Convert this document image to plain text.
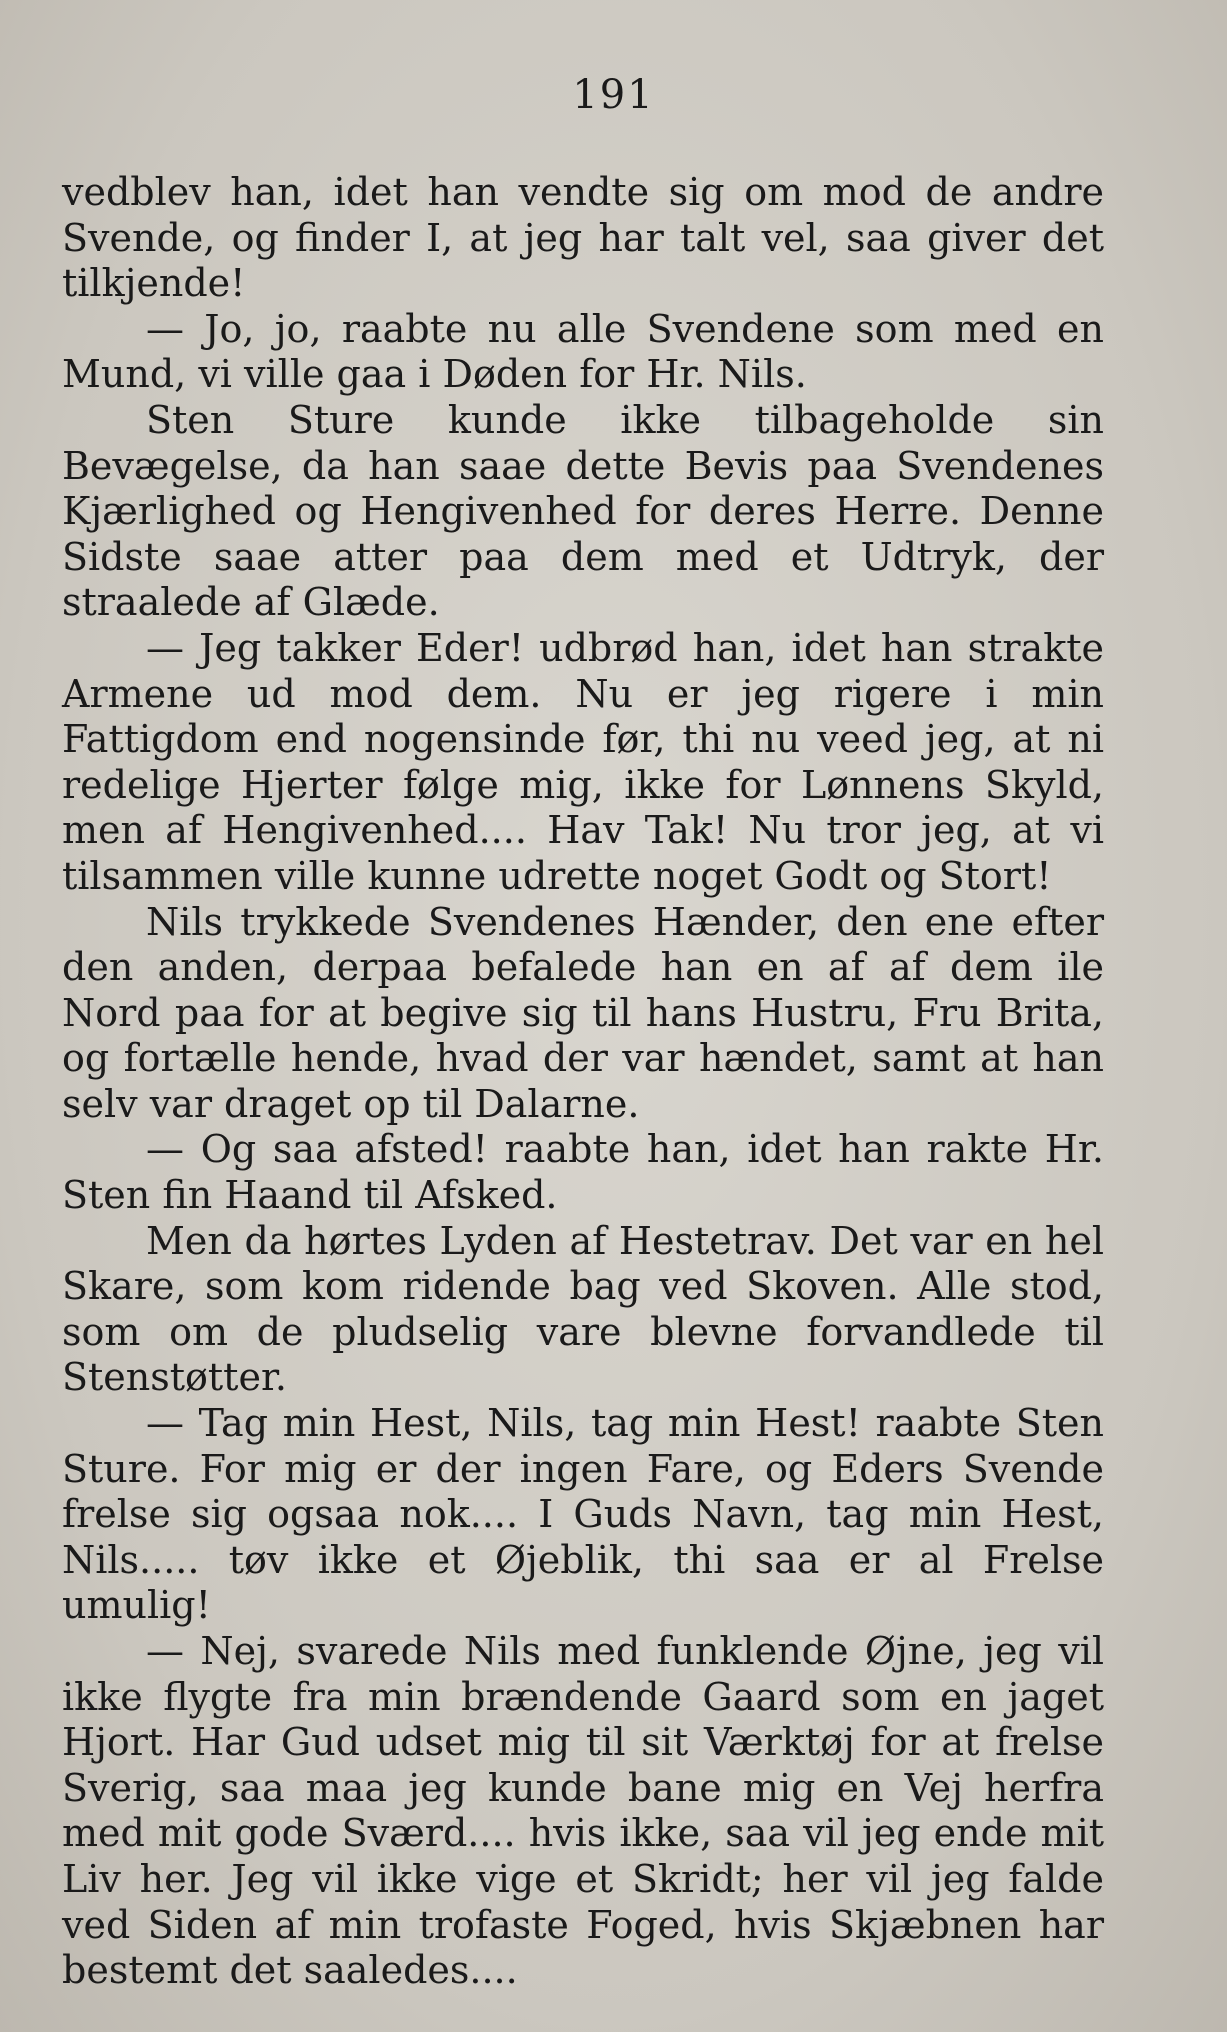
191

vedblev han, idet han vendte sig om mod de andre Svende, og finder I, at jeg har talt vel, saa giver det tilkjende!

— Jo, jo, raabte nu alle Svendene som med en Mund, vi ville gaa i Døden for Hr. Nils.

Sten Sture kunde ikke tilbageholde sin Bevægelse, da han saae dette Bevis paa Svendenes Kjærlighed og Hengivenhed for deres Herre. Denne Sidste saae atter paa dem med et Udtryk, der straalede af Glæde.

— Jeg takker Eder! udbrød han, idet han strakte Armene ud mod dem. Nu er jeg rigere i min Fattigdom end nogensinde før, thi nu veed jeg, at ni redelige Hjerter følge mig, ikke for Lønnens Skyld, men af Hengivenhed.... Hav Tak! Nu tror jeg, at vi tilsammen ville kunne udrette noget Godt og Stort!

Nils trykkede Svendenes Hænder, den ene efter den anden, derpaa befalede han en af af dem ile Nord paa for at begive sig til hans Hustru, Fru Brita, og fortælle hende, hvad der var hændet, samt at han selv var draget op til Dalarne.

— Og saa afsted! raabte han, idet han rakte Hr. Sten fin Haand til Afsked.

Men da hørtes Lyden af Hestetrav. Det var en hel Skare, som kom ridende bag ved Skoven. Alle stod, som om de pludselig vare blevne forvandlede til Stenstøtter.

— Tag min Hest, Nils, tag min Hest! raabte Sten Sture. For mig er der ingen Fare, og Eders Svende frelse sig ogsaa nok.... I Guds Navn, tag min Hest, Nils..... tøv ikke et Øjeblik, thi saa er al Frelse umulig!

— Nej, svarede Nils med funklende Øjne, jeg vil ikke flygte fra min brændende Gaard som en jaget Hjort. Har Gud udset mig til sit Værktøj for at frelse Sverig, saa maa jeg kunde bane mig en Vej herfra med mit gode Sværd.... hvis ikke, saa vil jeg ende mit Liv her. Jeg vil ikke vige et Skridt; her vil jeg falde ved Siden af min trofaste Foged, hvis Skjæbnen har bestemt det saaledes....
